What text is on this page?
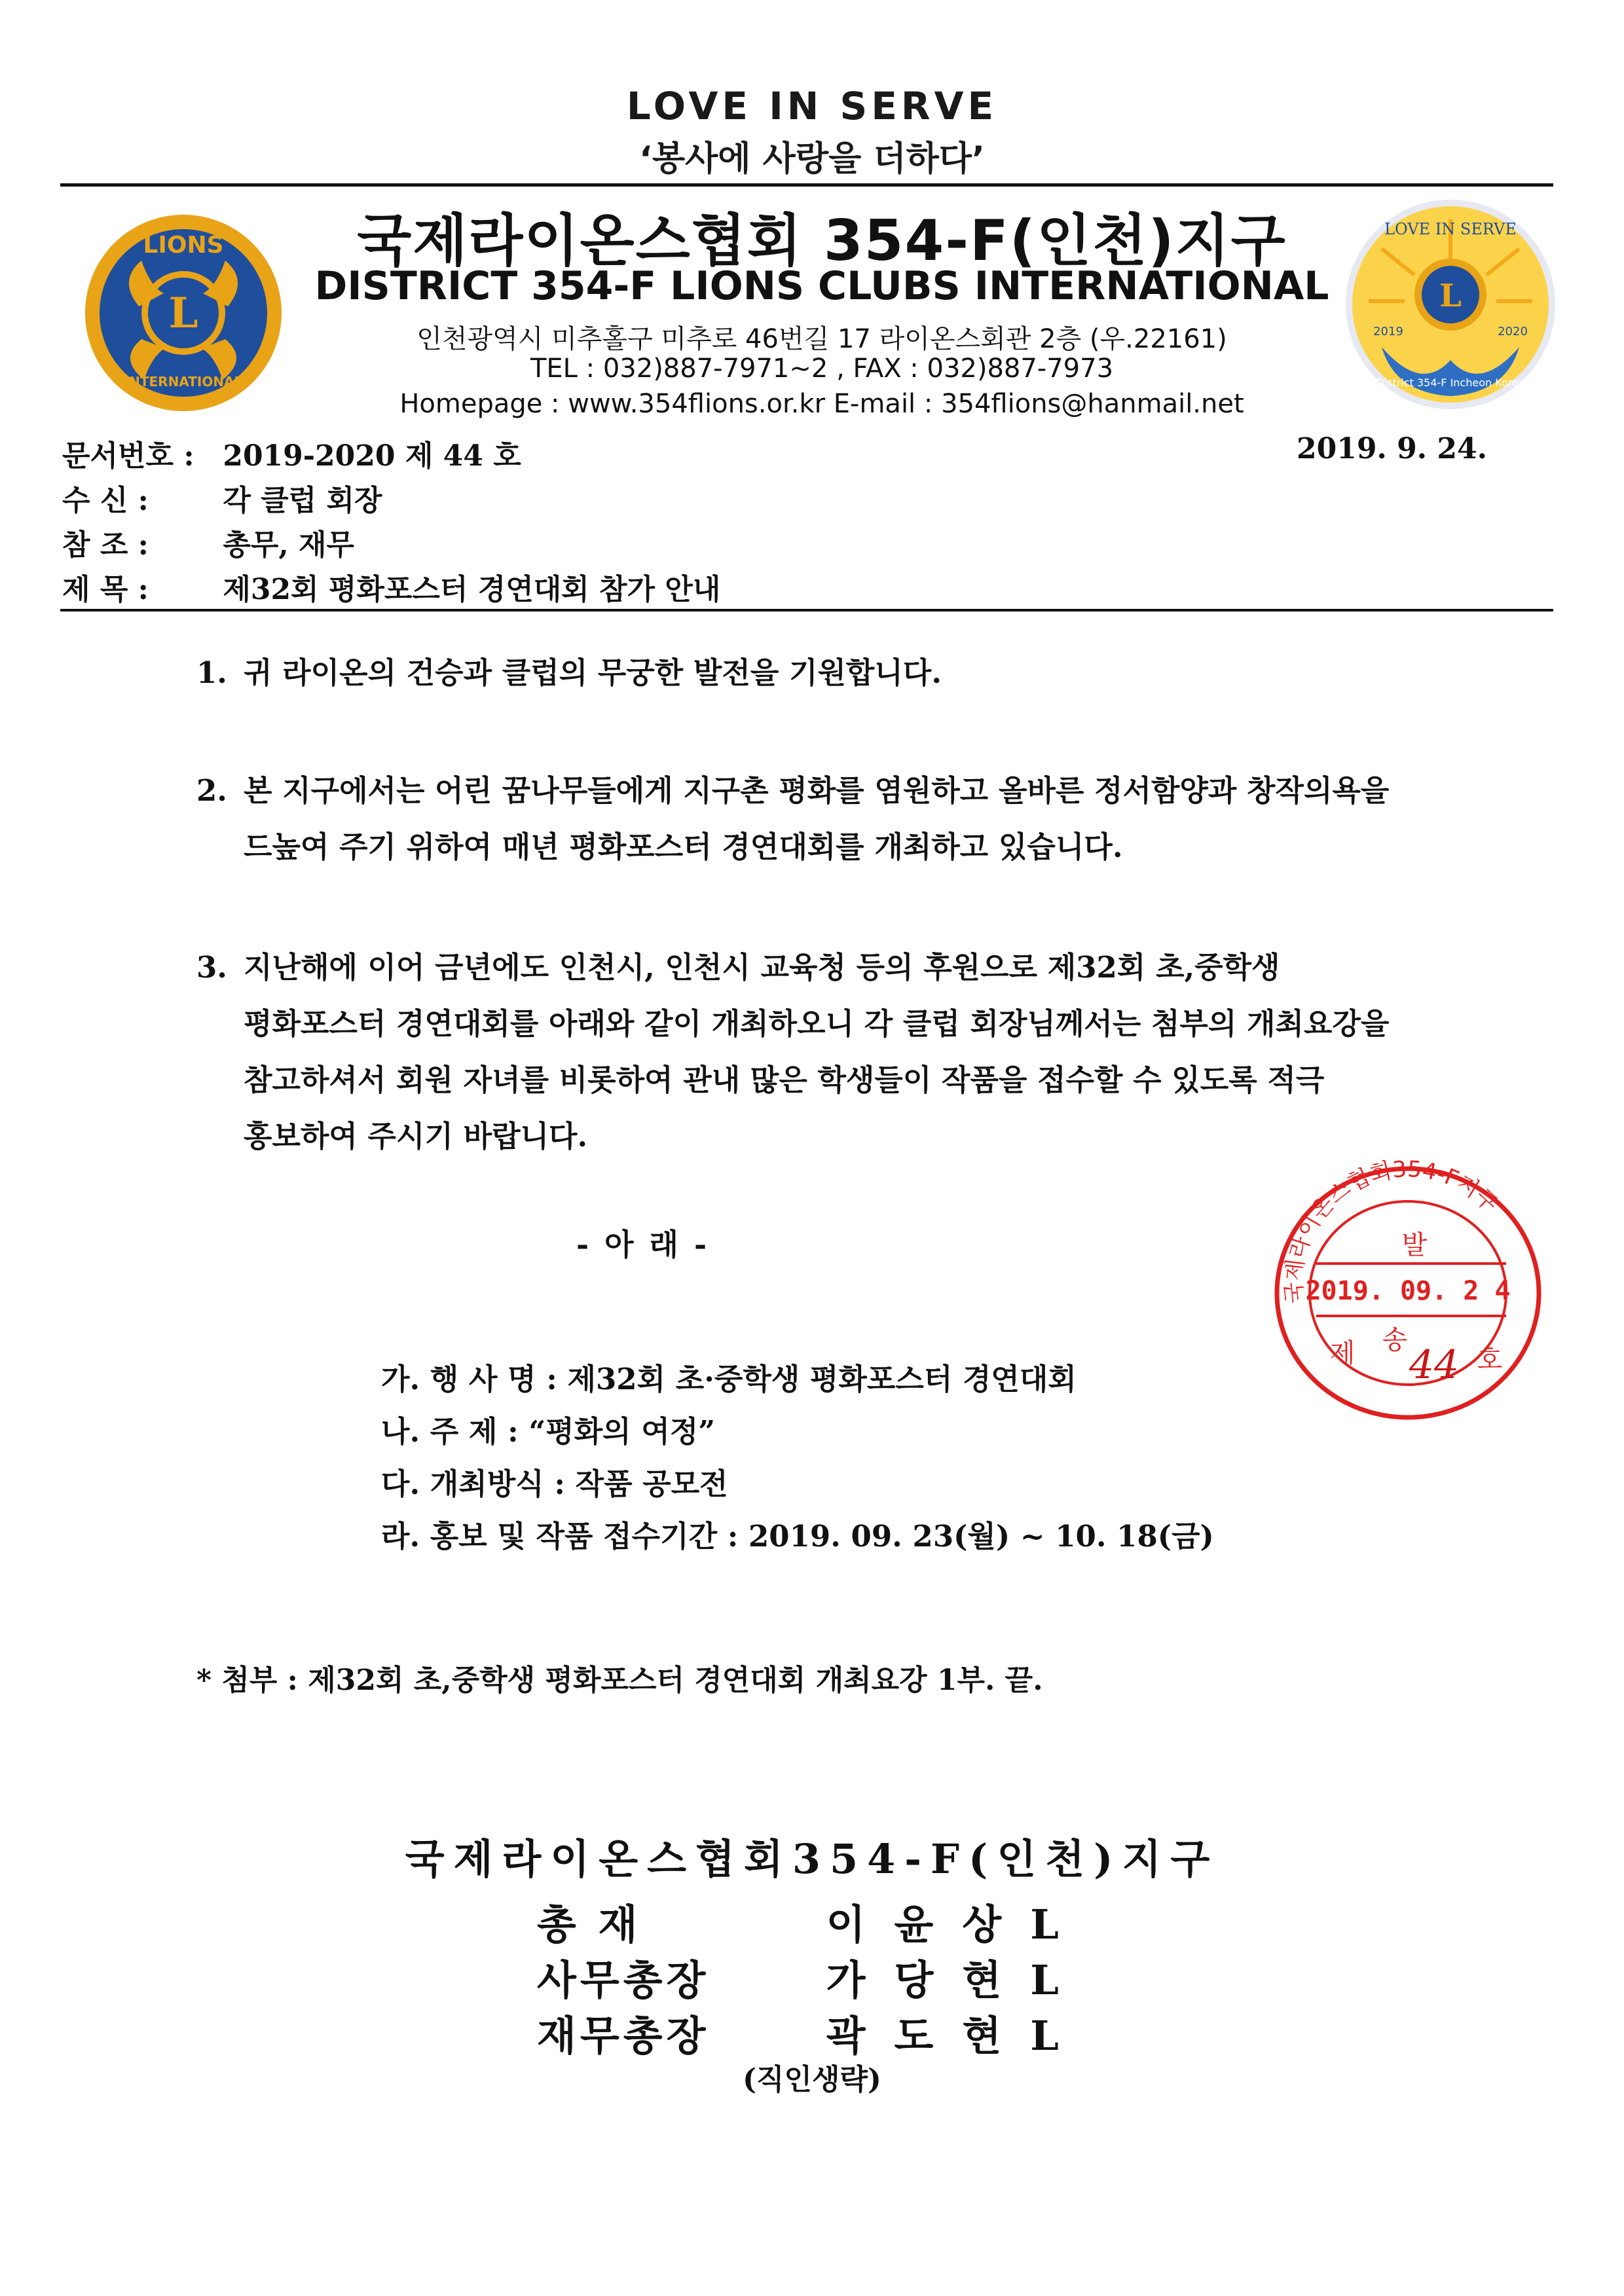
LOVE IN SERVE
‘봉사에 사랑을 더하다’
LIONS
L
INTERNATIONAL
국제라이온스협회 354-F(인천)지구
DISTRICT 354-F LIONS CLUBS INTERNATIONAL
인천광역시 미추홀구 미추로 46번길 17 라이온스회관 2층 (우.22161)
TEL : 032)887-7971~2 , FAX : 032)887-7973
Homepage : www.354flions.or.kr E-mail : 354flions@hanmail.net
L
LOVE IN SERVE
2019	2020
District 354-F Incheon Korea
문서번호 : 2019-2020 제 44 호	2019. 9. 24.
수 신 :	각 클럽 회장
참 조 :	총무, 재무
제 목 :	제32회 평화포스터 경연대회 참가 안내
1. 귀 라이온의 건승과 클럽의 무궁한 발전을 기원합니다.
2. 본 지구에서는 어린 꿈나무들에게 지구촌 평화를 염원하고 올바른 정서함양과 창작의욕을
드높여 주기 위하여 매년 평화포스터 경연대회를 개최하고 있습니다.
3. 지난해에 이어 금년에도 인천시, 인천시 교육청 등의 후원으로 제32회 초,중학생
평화포스터 경연대회를 아래와 같이 개최하오니 각 클럽 회장님께서는 첨부의 개최요강을
참고하셔서 회원 자녀를 비롯하여 관내 많은 학생들이 작품을 접수할 수 있도록 적극
홍보하여 주시기 바랍니다.
- 아 래 -
가. 행 사 명 : 제32회 초·중학생 평화포스터 경연대회
나. 주 제 : “평화의 여정”
다. 개최방식 : 작품 공모전
라. 홍보 및 작품 접수기간 : 2019. 09. 23(월) ~ 10. 18(금)
* 첨부 : 제32회 초,중학생 평화포스터 경연대회 개최요강 1부. 끝.
국제라이온스협회354-F지구
발
2019. 09. 2 4
제 송
호
44
국제라이온스협회354-F(인천)지구
총 재	이윤상L
사무총장	가당현L
재무총장	곽도현L
(직인생략)
